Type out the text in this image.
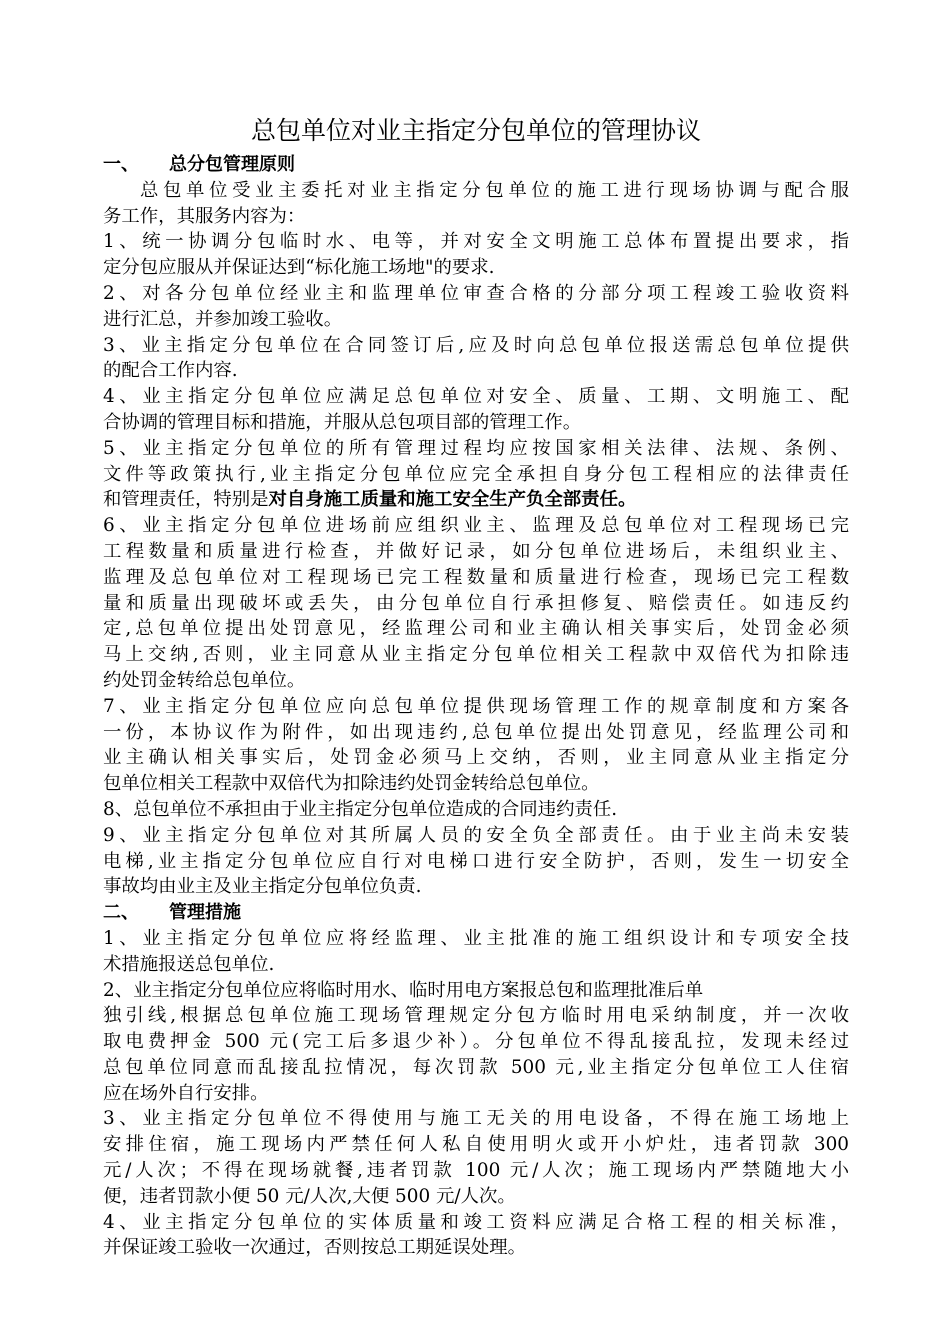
总包单位对业主指定分包单位的管理协议
一、 总分包管理原则
总包单位受业主委托对业主指定分包单位的施工进行现场协调与配合服
务工作，其服务内容为：
1、统一协调分包临时水、电等，并对安全文明施工总体布置提出要求，指
定分包应服从并保证达到“标化施工场地"的要求.
2、对各分包单位经业主和监理单位审查合格的分部分项工程竣工验收资料
进行汇总，并参加竣工验收。
3、业主指定分包单位在合同签订后,应及时向总包单位报送需总包单位提供
的配合工作内容.
4、业主指定分包单位应满足总包单位对安全、质量、工期、文明施工、配
合协调的管理目标和措施，并服从总包项目部的管理工作。
5、业主指定分包单位的所有管理过程均应按国家相关法律、法规、条例、
文件等政策执行,业主指定分包单位应完全承担自身分包工程相应的法律责任
和管理责任，特别是对自身施工质量和施工安全生产负全部责任。
6、业主指定分包单位进场前应组织业主、监理及总包单位对工程现场已完
工程数量和质量进行检查，并做好记录，如分包单位进场后，未组织业主、
监理及总包单位对工程现场已完工程数量和质量进行检查，现场已完工程数
量和质量出现破坏或丢失，由分包单位自行承担修复、赔偿责任。如违反约
定,总包单位提出处罚意见，经监理公司和业主确认相关事实后，处罚金必须
马上交纳,否则，业主同意从业主指定分包单位相关工程款中双倍代为扣除违
约处罚金转给总包单位。
7、业主指定分包单位应向总包单位提供现场管理工作的规章制度和方案各
一份，本协议作为附件，如出现违约,总包单位提出处罚意见，经监理公司和
业主确认相关事实后，处罚金必须马上交纳，否则，业主同意从业主指定分
包单位相关工程款中双倍代为扣除违约处罚金转给总包单位。
8、总包单位不承担由于业主指定分包单位造成的合同违约责任.
9、业主指定分包单位对其所属人员的安全负全部责任。由于业主尚未安装
电梯,业主指定分包单位应自行对电梯口进行安全防护，否则，发生一切安全
事故均由业主及业主指定分包单位负责.
二、 管理措施
1、业主指定分包单位应将经监理、业主批准的施工组织设计和专项安全技
术措施报送总包单位.
2、业主指定分包单位应将临时用水、临时用电方案报总包和监理批准后单
独引线,根据总包单位施工现场管理规定分包方临时用电采纳制度，并一次收
取电费押金 500 元(完工后多退少补）。分包单位不得乱接乱拉，发现未经过
总包单位同意而乱接乱拉情况，每次罚款 500 元,业主指定分包单位工人住宿
应在场外自行安排。
3、业主指定分包单位不得使用与施工无关的用电设备，不得在施工场地上
安排住宿，施工现场内严禁任何人私自使用明火或开小炉灶，违者罚款 300
元/人次；不得在现场就餐,违者罚款 100 元/人次；施工现场内严禁随地大小
便，违者罚款小便 50 元/人次,大便 500 元/人次。
4、业主指定分包单位的实体质量和竣工资料应满足合格工程的相关标准，
并保证竣工验收一次通过，否则按总工期延误处理。
